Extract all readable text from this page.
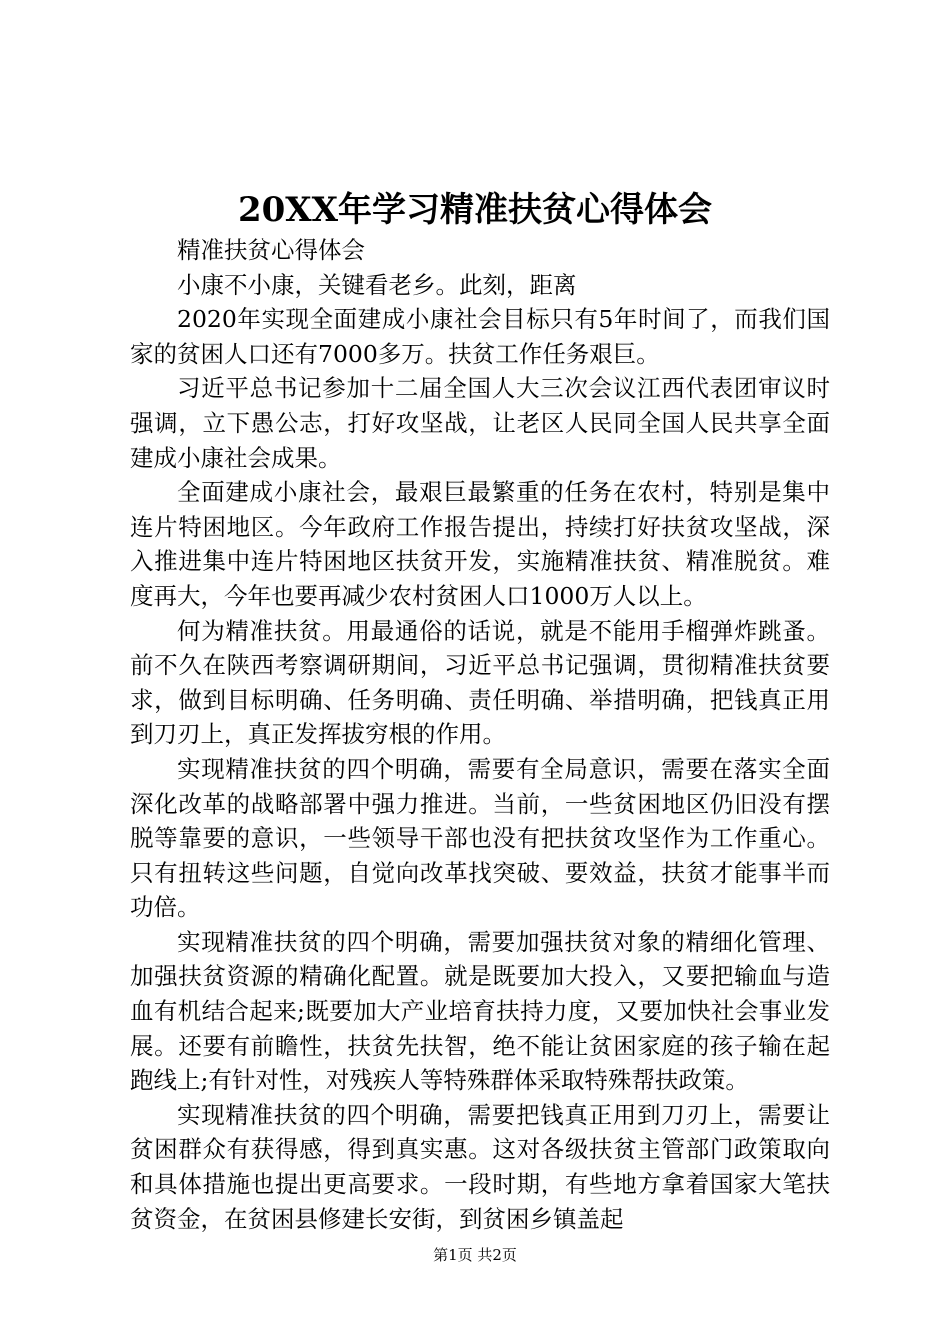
20XX年学习精准扶贫心得体会

精准扶贫心得体会

小康不小康，关键看老乡。此刻，距离

2020年实现全面建成小康社会目标只有5年时间了，而我们国家的贫困人口还有7000多万。扶贫工作任务艰巨。

习近平总书记参加十二届全国人大三次会议江西代表团审议时强调，立下愚公志，打好攻坚战，让老区人民同全国人民共享全面建成小康社会成果。

全面建成小康社会，最艰巨最繁重的任务在农村，特别是集中连片特困地区。今年政府工作报告提出，持续打好扶贫攻坚战，深入推进集中连片特困地区扶贫开发，实施精准扶贫、精准脱贫。难度再大，今年也要再减少农村贫困人口1000万人以上。

何为精准扶贫。用最通俗的话说，就是不能用手榴弹炸跳蚤。前不久在陕西考察调研期间，习近平总书记强调，贯彻精准扶贫要求，做到目标明确、任务明确、责任明确、举措明确，把钱真正用到刀刃上，真正发挥拔穷根的作用。

实现精准扶贫的四个明确，需要有全局意识，需要在落实全面深化改革的战略部署中强力推进。当前，一些贫困地区仍旧没有摆脱等靠要的意识，一些领导干部也没有把扶贫攻坚作为工作重心。只有扭转这些问题，自觉向改革找突破、要效益，扶贫才能事半而功倍。

实现精准扶贫的四个明确，需要加强扶贫对象的精细化管理、加强扶贫资源的精确化配置。就是既要加大投入，又要把输血与造血有机结合起来;既要加大产业培育扶持力度，又要加快社会事业发展。还要有前瞻性，扶贫先扶智，绝不能让贫困家庭的孩子输在起跑线上;有针对性，对残疾人等特殊群体采取特殊帮扶政策。

实现精准扶贫的四个明确，需要把钱真正用到刀刃上，需要让贫困群众有获得感，得到真实惠。这对各级扶贫主管部门政策取向和具体措施也提出更高要求。一段时期，有些地方拿着国家大笔扶贫资金，在贫困县修建长安街，到贫困乡镇盖起

第1页 共2页
